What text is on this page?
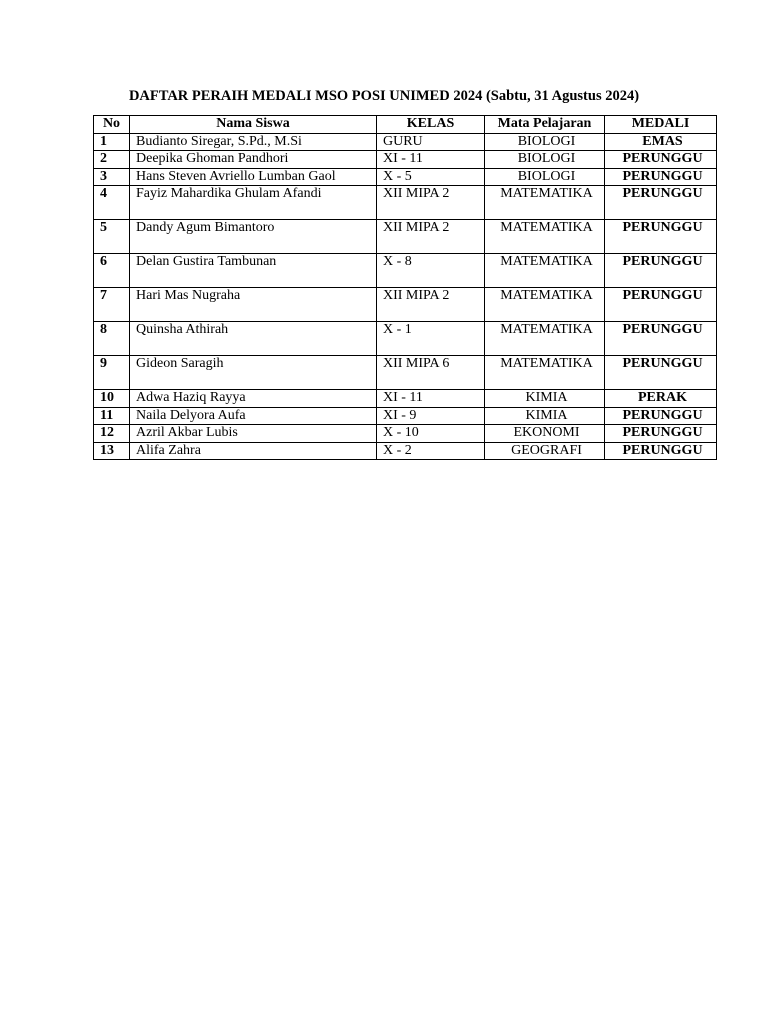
DAFTAR PERAIH MEDALI MSO POSI UNIMED 2024 (Sabtu, 31 Agustus 2024)
No	Nama Siswa	KELAS	Mata Pelajaran	MEDALI
1	Budianto Siregar, S.Pd., M.Si	GURU	BIOLOGI	EMAS
2	Deepika Ghoman Pandhori	XI - 11	BIOLOGI	PERUNGGU
3	Hans Steven Avriello Lumban Gaol	X - 5	BIOLOGI	PERUNGGU
4	Fayiz Mahardika Ghulam Afandi	XII MIPA 2	MATEMATIKA	PERUNGGU
5	Dandy Agum Bimantoro	XII MIPA 2	MATEMATIKA	PERUNGGU
6	Delan Gustira Tambunan	X - 8	MATEMATIKA	PERUNGGU
7	Hari Mas Nugraha	XII MIPA 2	MATEMATIKA	PERUNGGU
8	Quinsha Athirah	X - 1	MATEMATIKA	PERUNGGU
9	Gideon Saragih	XII MIPA 6	MATEMATIKA	PERUNGGU
10	Adwa Haziq Rayya	XI - 11	KIMIA	PERAK
11	Naila Delyora Aufa	XI - 9	KIMIA	PERUNGGU
12	Azril Akbar Lubis	X - 10	EKONOMI	PERUNGGU
13	Alifa Zahra	X - 2	GEOGRAFI	PERUNGGU
